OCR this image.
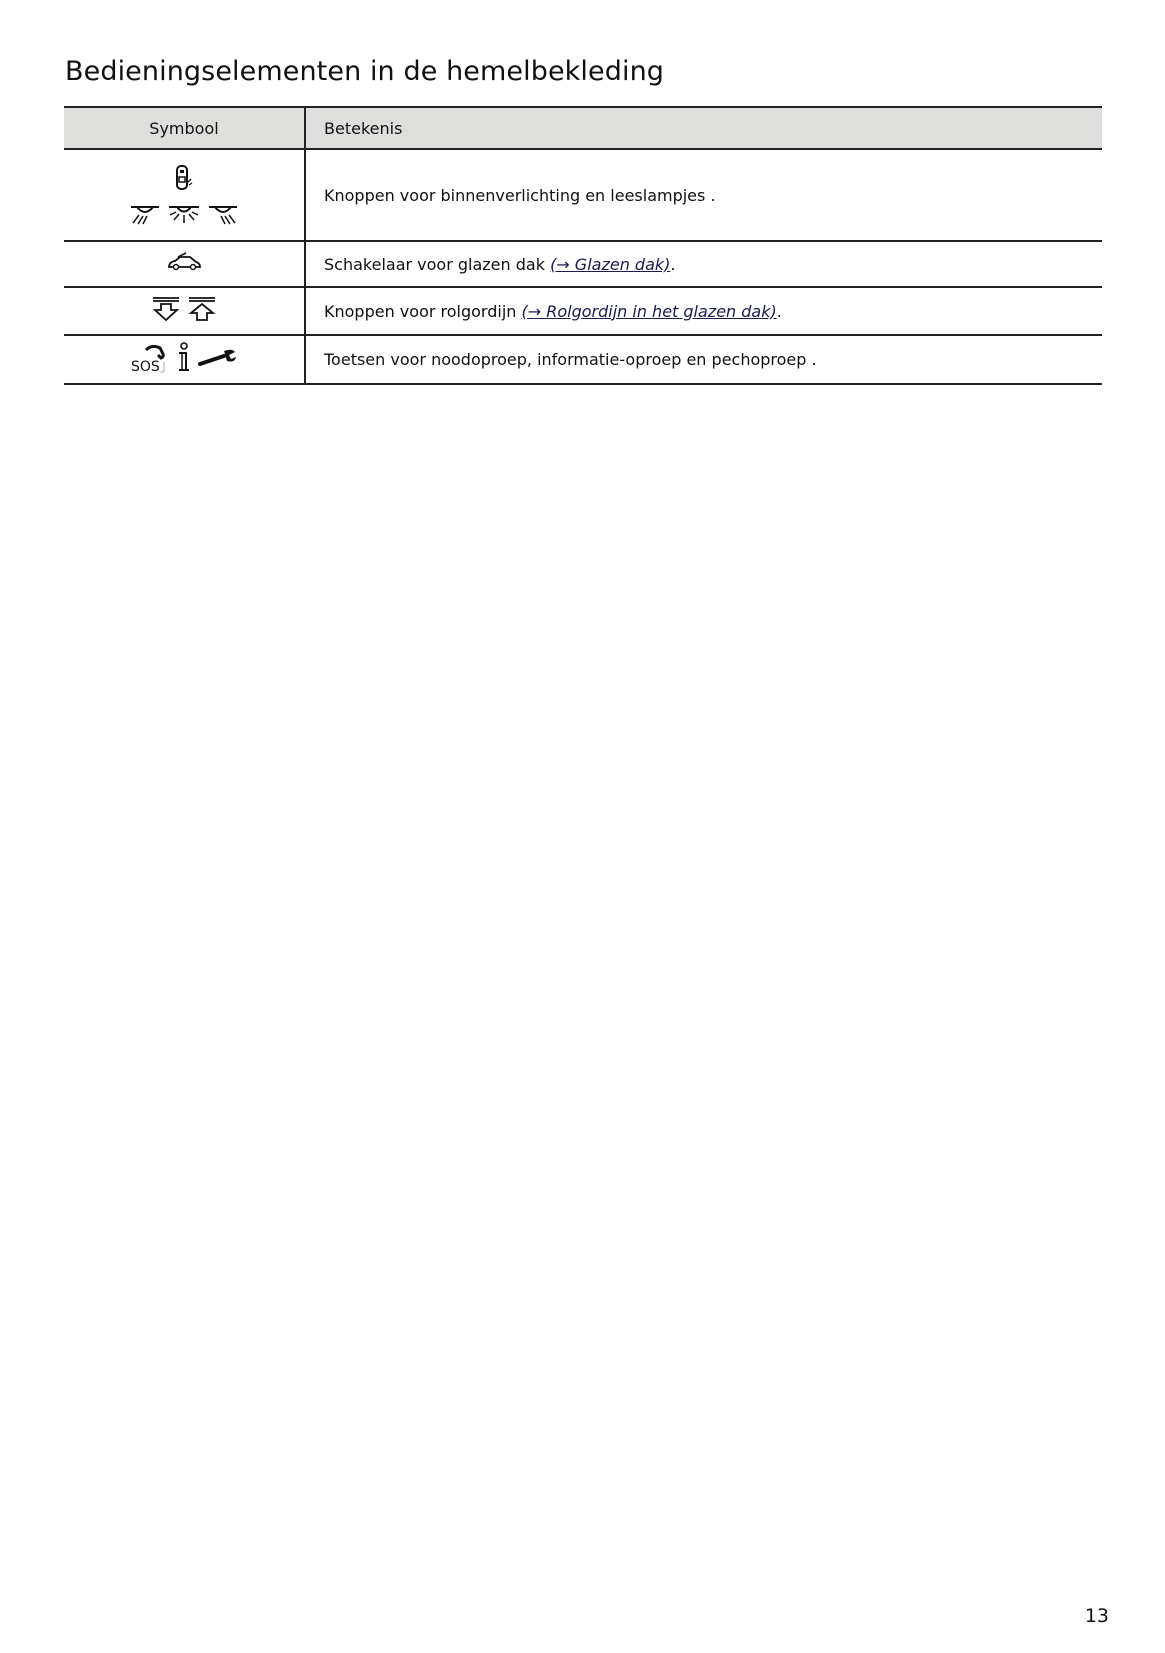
Bedieningselementen in de hemelbekleding
Symbool	Betekenis

	Knoppen voor binnenverlichting en leeslampjes .

	Schakelaar voor glazen dak (→ Glazen dak).

	Knoppen voor rolgordijn (→ Rolgordijn in het glazen dak).

SOS	Toetsen voor noodoproep, informatie-oproep en pechoproep .
13
